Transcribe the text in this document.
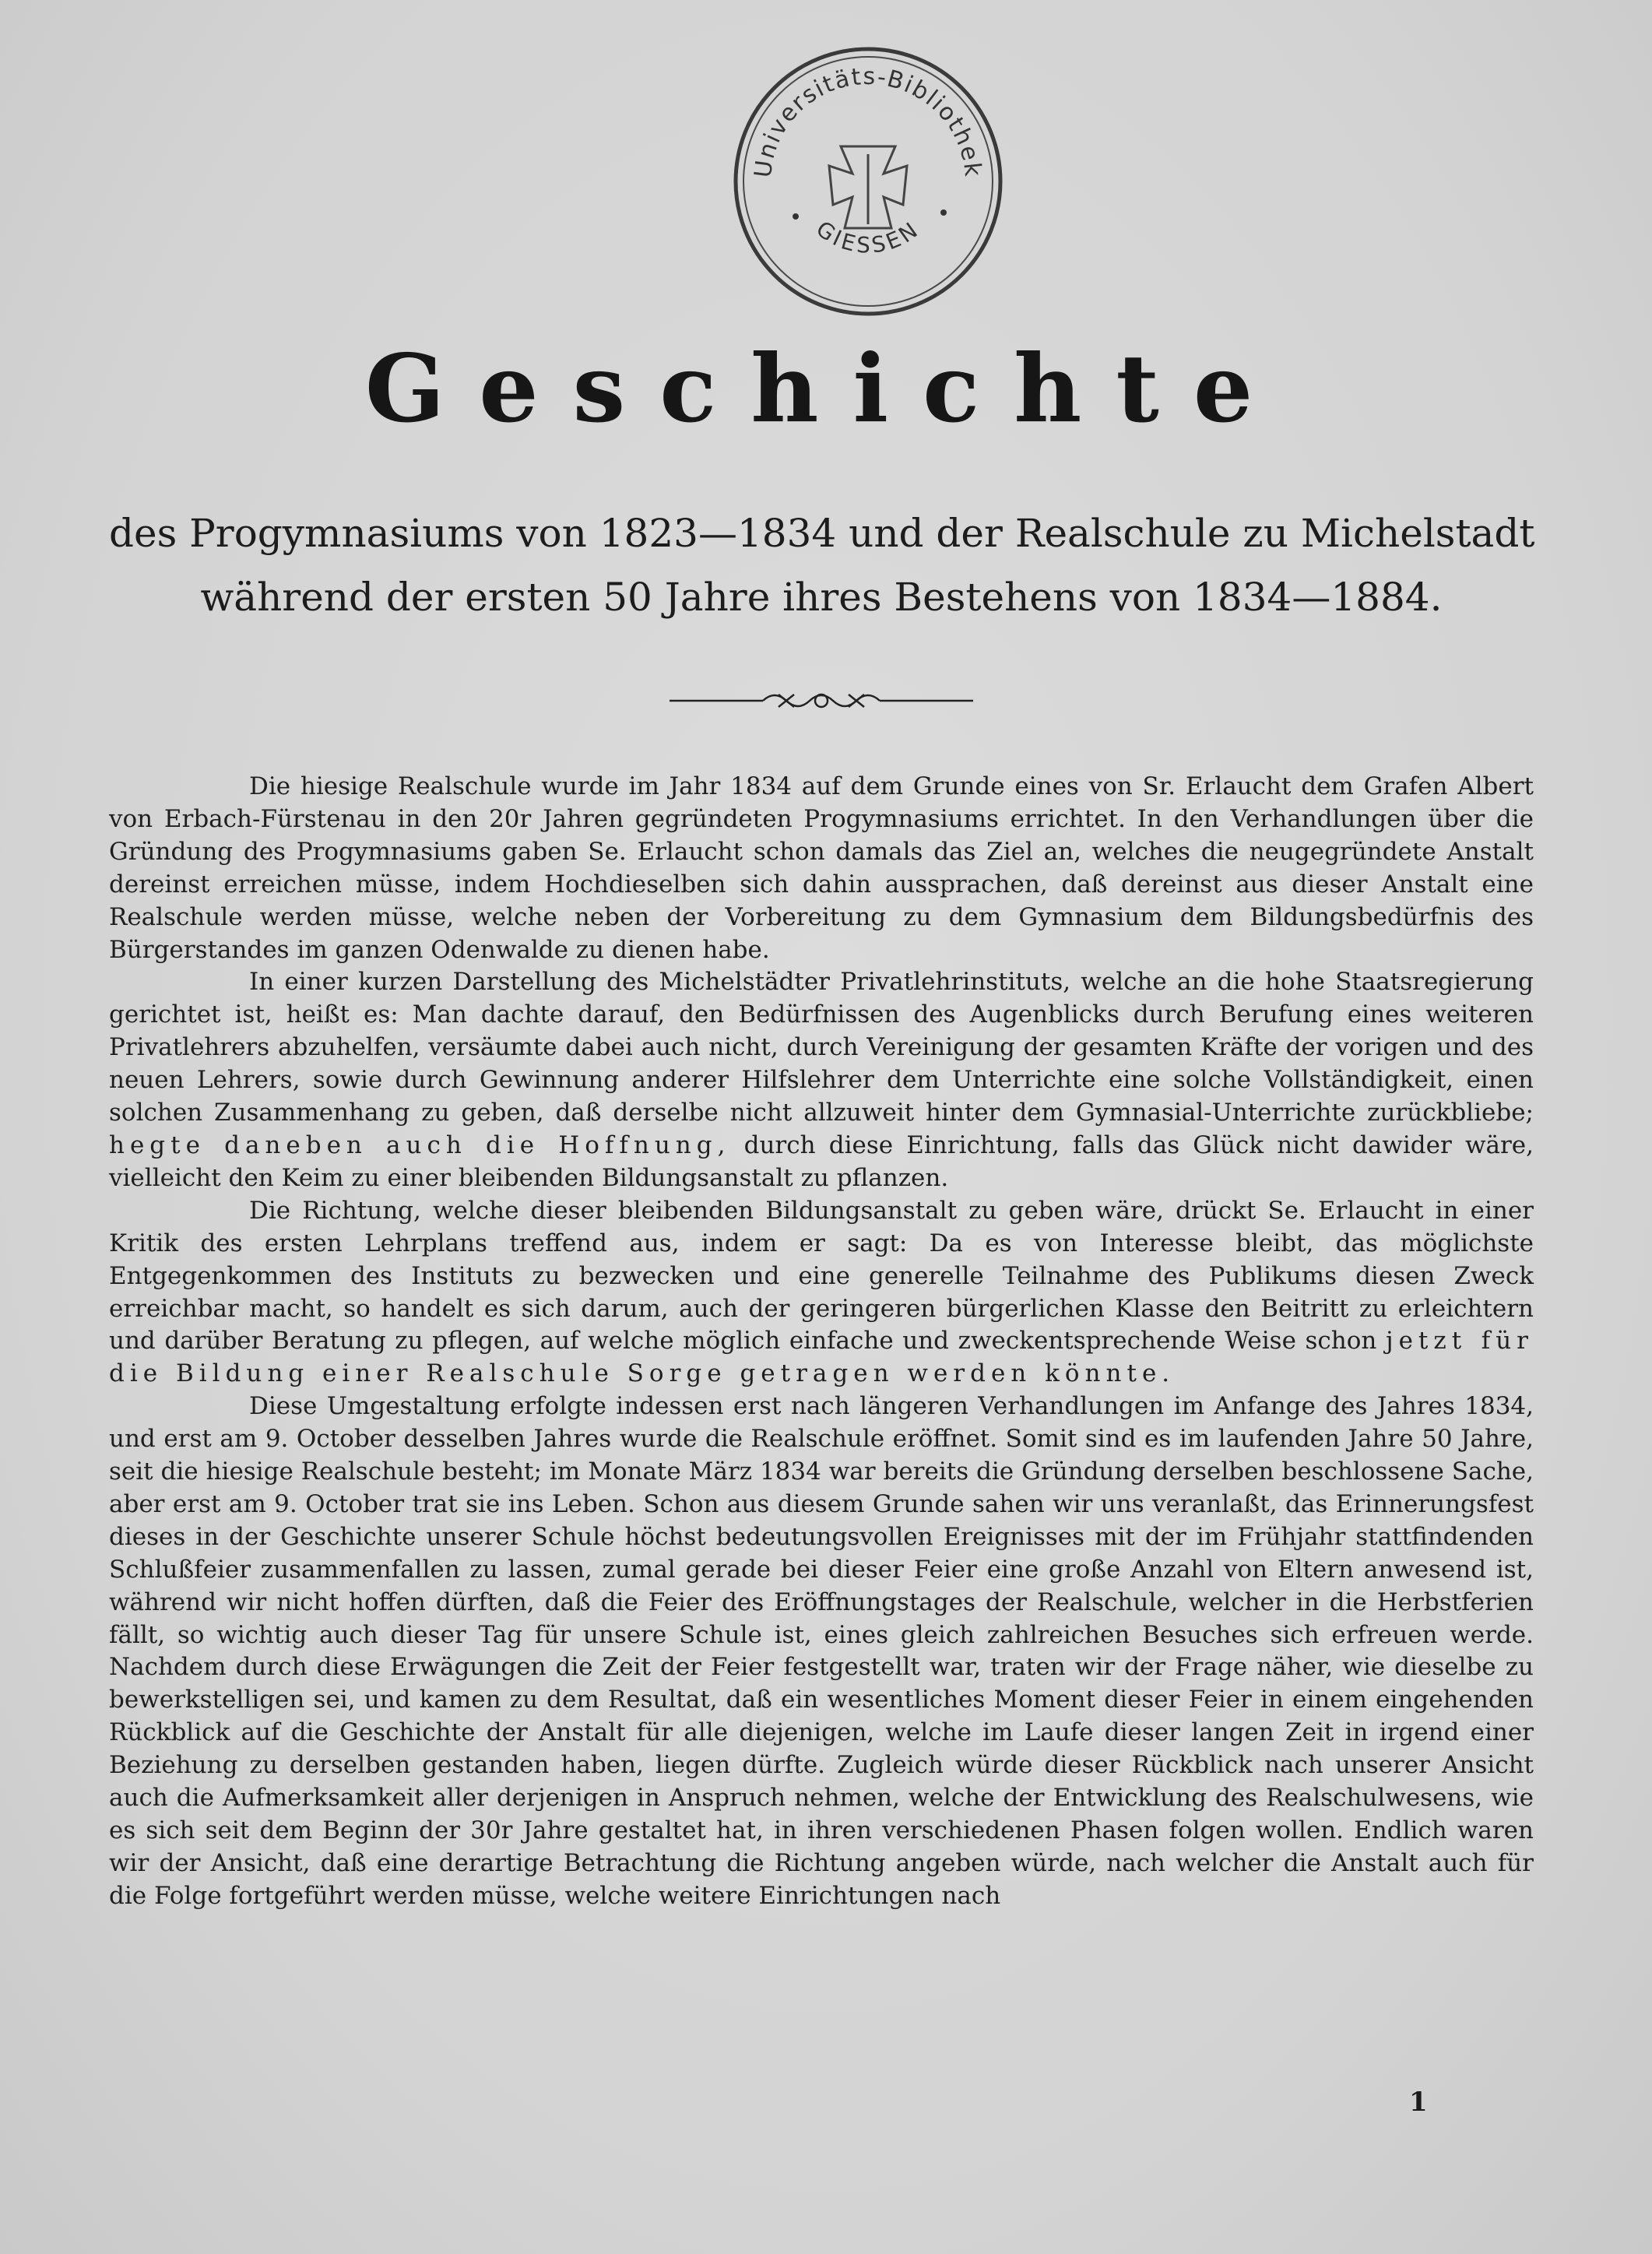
Universitäts-Bibliothek
GIESSEN
Geschichte
des Progymnasiums von 1823—1834 und der Realschule zu Michelstadt
während der ersten 50 Jahre ihres Bestehens von 1834—1884.

Die hiesige Realschule wurde im Jahr 1834 auf dem Grunde eines von Sr. Erlaucht dem Grafen Albert von Erbach-Fürstenau in den 20r Jahren gegründeten Progymnasiums errichtet. In den Verhandlungen über die Gründung des Progymnasiums gaben Se. Erlaucht schon damals das Ziel an, welches die neugegründete Anstalt dereinst erreichen müsse, indem Hochdieselben sich dahin aussprachen, daß dereinst aus dieser Anstalt eine Realschule werden müsse, welche neben der Vorbereitung zu dem Gymnasium dem Bildungsbedürfnis des Bürgerstandes im ganzen Odenwalde zu dienen habe.

In einer kurzen Darstellung des Michelstädter Privatlehrinstituts, welche an die hohe Staatsregierung gerichtet ist, heißt es: Man dachte darauf, den Bedürfnissen des Augenblicks durch Berufung eines weiteren Privatlehrers abzuhelfen, versäumte dabei auch nicht, durch Vereinigung der gesamten Kräfte der vorigen und des neuen Lehrers, sowie durch Gewinnung anderer Hilfslehrer dem Unterrichte eine solche Vollständigkeit, einen solchen Zusammenhang zu geben, daß derselbe nicht allzuweit hinter dem Gymnasial-Unterrichte zurückbliebe; hegte daneben auch die Hoffnung, durch diese Einrichtung, falls das Glück nicht dawider wäre, vielleicht den Keim zu einer bleibenden Bildungsanstalt zu pflanzen.

Die Richtung, welche dieser bleibenden Bildungsanstalt zu geben wäre, drückt Se. Erlaucht in einer Kritik des ersten Lehrplans treffend aus, indem er sagt: Da es von Interesse bleibt, das möglichste Entgegenkommen des Instituts zu bezwecken und eine generelle Teilnahme des Publikums diesen Zweck erreichbar macht, so handelt es sich darum, auch der geringeren bürgerlichen Klasse den Beitritt zu erleichtern und darüber Beratung zu pflegen, auf welche möglich einfache und zweckentsprechende Weise schon jetzt für die Bildung einer Realschule Sorge getragen werden könnte.

Diese Umgestaltung erfolgte indessen erst nach längeren Verhandlungen im Anfange des Jahres 1834, und erst am 9. October desselben Jahres wurde die Realschule eröffnet. Somit sind es im laufenden Jahre 50 Jahre, seit die hiesige Realschule besteht; im Monate März 1834 war bereits die Gründung derselben beschlossene Sache, aber erst am 9. October trat sie ins Leben. Schon aus diesem Grunde sahen wir uns veranlaßt, das Erinnerungsfest dieses in der Geschichte unserer Schule höchst bedeutungsvollen Ereignisses mit der im Frühjahr stattfindenden Schlußfeier zusammenfallen zu lassen, zumal gerade bei dieser Feier eine große Anzahl von Eltern anwesend ist, während wir nicht hoffen dürften, daß die Feier des Eröffnungstages der Realschule, welcher in die Herbstferien fällt, so wichtig auch dieser Tag für unsere Schule ist, eines gleich zahlreichen Besuches sich erfreuen werde. Nachdem durch diese Erwägungen die Zeit der Feier festgestellt war, traten wir der Frage näher, wie dieselbe zu bewerkstelligen sei, und kamen zu dem Resultat, daß ein wesentliches Moment dieser Feier in einem eingehenden Rückblick auf die Geschichte der Anstalt für alle diejenigen, welche im Laufe dieser langen Zeit in irgend einer Beziehung zu derselben gestanden haben, liegen dürfte. Zugleich würde dieser Rückblick nach unserer Ansicht auch die Aufmerksamkeit aller derjenigen in Anspruch nehmen, welche der Entwicklung des Realschulwesens, wie es sich seit dem Beginn der 30r Jahre gestaltet hat, in ihren verschiedenen Phasen folgen wollen. Endlich waren wir der Ansicht, daß eine derartige Betrachtung die Richtung angeben würde, nach welcher die Anstalt auch für die Folge fortgeführt werden müsse, welche weitere Einrichtungen nach

1
